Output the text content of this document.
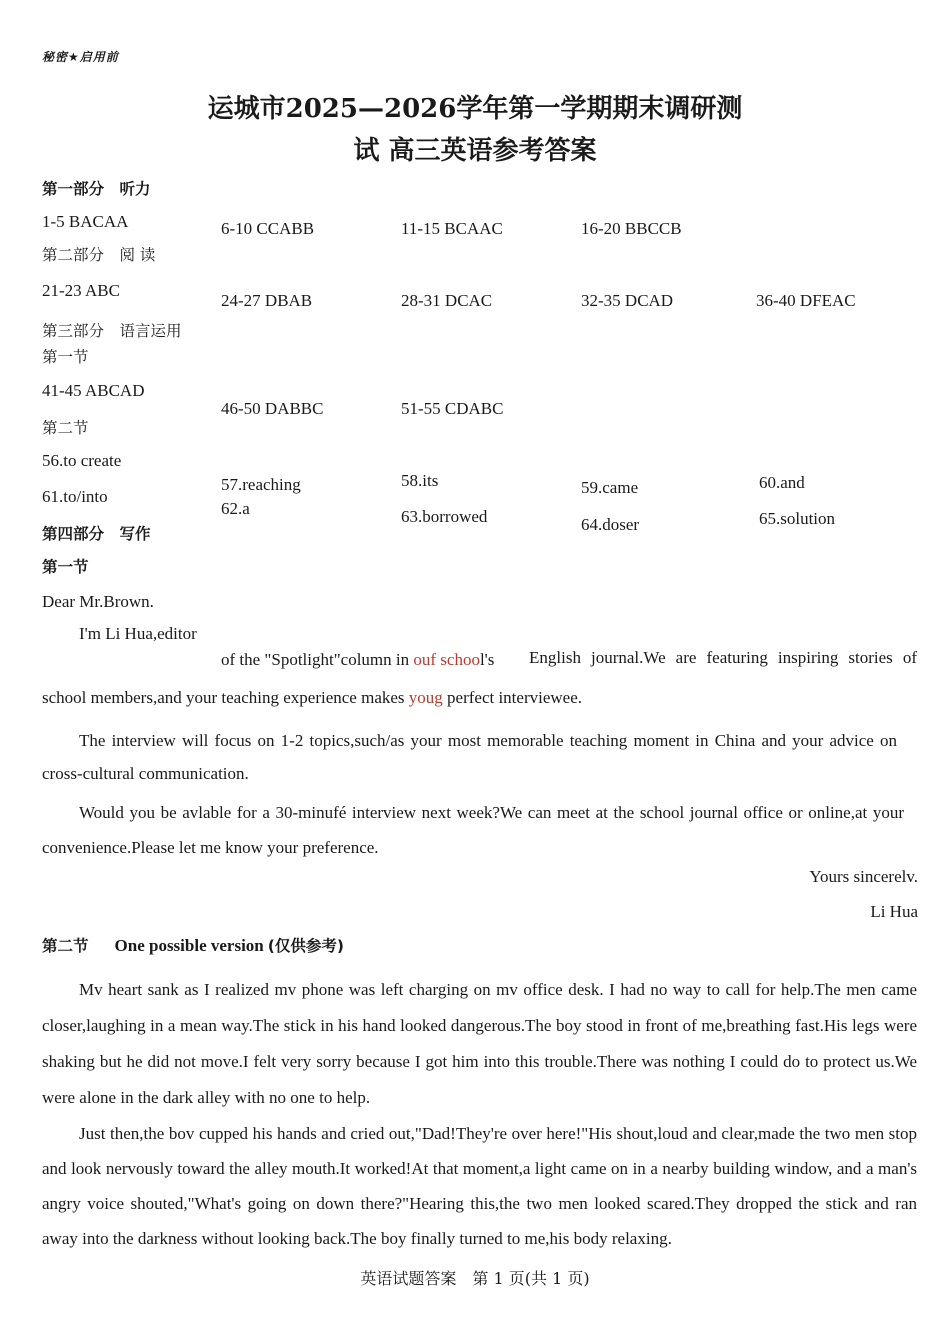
秘密★启用前
运城市2025—2026学年第一学期期末调研测
试 高三英语参考答案
第一部分　听力
1-5 BACAA	6-10 CCABB	11-15 BCAAC	16-20 BBCCB
第二部分　阅 读
21-23 ABC
24-27 DBAB	28-31 DCAC	32-35 DCAD	36-40 DFEAC
第三部分　语言运用
第一节
41-45 ABCAD
46-50 DABBC	51-55 CDABC
第二节
56.to create
57.reaching	58.its	59.came	60.and
61.to/into
62.a	63.borrowed	64.doser	65.solution
第四部分　写作
第一节
Dear Mr.Brown.
I'm Li Hua,editor
of the "Spotlight"column in ouf school's English journal.We are featuring inspiring stories of
school members,and your teaching experience makes youg perfect interviewee.
The interview will focus on 1-2 topics,such/as your most memorable teaching moment in China and your advice on cross-cultural communication.
Would you be avlable for a 30-minufé interview next week?We can meet at the school journal office or online,at your convenience.Please let me know your preference.
Yours sincerelv.
Li Hua
第二节 One possible version (仅供参考)
Mv heart sank as I realized mv phone was left charging on mv office desk. I had no way to call for help.The men came closer,laughing in a mean way.The stick in his hand looked dangerous.The boy stood in front of me,breathing fast.His legs were shaking but he did not move.I felt very sorry because I got him into this trouble.There was nothing I could do to protect us.We were alone in the dark alley with no one to help.
Just then,the bov cupped his hands and cried out,"Dad!They're over here!"His shout,loud and clear,made the two men stop and look nervously toward the alley mouth.It worked!At that moment,a light came on in a nearby building window, and a man's angry voice shouted,"What's going on down there?"Hearing this,the two men looked scared.They dropped the stick and ran away into the darkness without looking back.The boy finally turned to me,his body relaxing.
英语试题答案　第 1 页(共 1 页)
